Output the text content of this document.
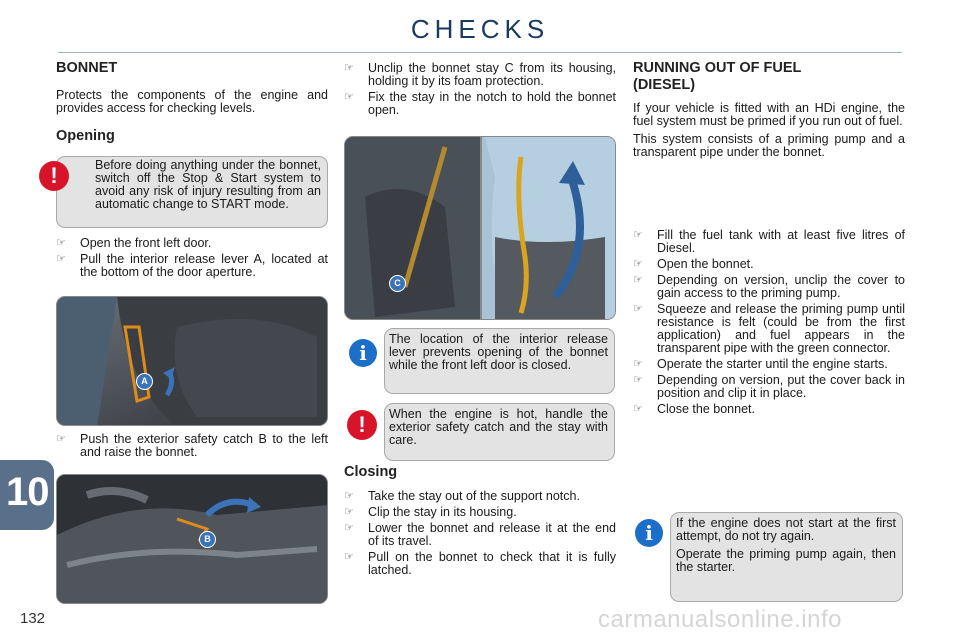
CHECKS
BONNET

Protects the components of the engine and provides access for checking levels.

Opening
!	Before doing anything under the bonnet, switch off the Stop & Start system to avoid any risk of injury resulting from an automatic change to START mode.
☞ Open the front left door.
☞ Pull the interior release lever A, located at the bottom of the door aperture.
A
☞ Push the exterior safety catch B to the left and raise the bonnet.
B
☞ Unclip the bonnet stay C from its housing, holding it by its foam protection.
☞ Fix the stay in the notch to hold the bonnet open.
C
i
The location of the interior release lever prevents opening of the bonnet while the front left door is closed.
!	When the engine is hot, handle the exterior safety catch and the stay with care.
Closing
☞ Take the stay out of the support notch.
☞ Clip the stay in its housing.
☞ Lower the bonnet and release it at the end of its travel.
☞ Pull on the bonnet to check that it is fully latched.
RUNNING OUT OF FUEL (DIESEL)

If your vehicle is fitted with an HDi engine, the fuel system must be primed if you run out of fuel.

This system consists of a priming pump and a transparent pipe under the bonnet.

☞ Fill the fuel tank with at least five litres of Diesel.
☞ Open the bonnet.
☞ Depending on version, unclip the cover to gain access to the priming pump.
☞ Squeeze and release the priming pump until resistance is felt (could be from the first application) and fuel appears in the transparent pipe with the green connector.
☞ Operate the starter until the engine starts.
☞ Depending on version, put the cover back in position and clip it in place.
☞ Close the bonnet.
i	If the engine does not start at the first attempt, do not try again.

Operate the priming pump again, then the starter.

10
132	carmanualsonline.info
